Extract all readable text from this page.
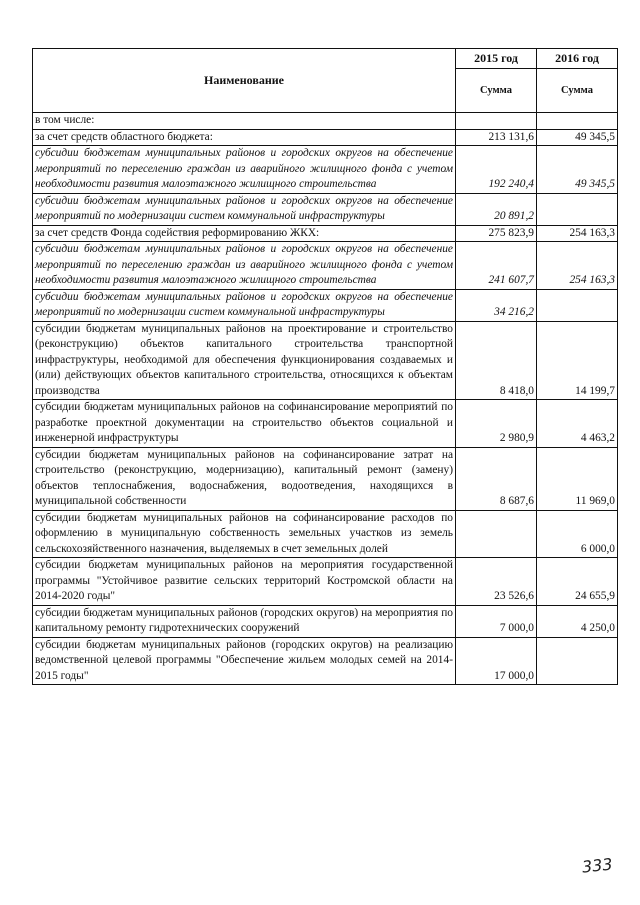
Наименование	2015 год	2016 год
	Сумма	Сумма
в том числе:		
за счет средств областного бюджета:	213 131,6	49 345,5
субсидии бюджетам муниципальных районов и городских округов на обеспечение мероприятий по переселению граждан из аварийного жилищного фонда с учетом необходимости развития малоэтажного жилищного строительства	192 240,4	49 345,5
субсидии бюджетам муниципальных районов и городских округов на обеспечение мероприятий по модернизации систем коммунальной инфраструктуры	20 891,2	
за счет средств Фонда содействия реформированию ЖКХ:	275 823,9	254 163,3
субсидии бюджетам муниципальных районов и городских округов на обеспечение мероприятий по переселению граждан из аварийного жилищного фонда с учетом необходимости развития малоэтажного жилищного строительства	241 607,7	254 163,3
субсидии бюджетам муниципальных районов и городских округов на обеспечение мероприятий по модернизации систем коммунальной инфраструктуры	34 216,2	
субсидии бюджетам муниципальных районов на проектирование и строительство (реконструкцию) объектов капитального строительства транспортной инфраструктуры, необходимой для обеспечения функционирования создаваемых и (или) действующих объектов капитального строительства, относящихся к объектам производства	8 418,0	14 199,7
субсидии бюджетам муниципальных районов на софинансирование мероприятий по разработке проектной документации на строительство объектов социальной и инженерной инфраструктуры	2 980,9	4 463,2
субсидии бюджетам муниципальных районов на софинансирование затрат на строительство (реконструкцию, модернизацию), капитальный ремонт (замену) объектов теплоснабжения, водоснабжения, водоотведения, находящихся в муниципальной собственности	8 687,6	11 969,0
субсидии бюджетам муниципальных районов на софинансирование расходов по оформлению в муниципальную собственность земельных участков из земель сельскохозяйственного назначения, выделяемых в счет земельных долей		6 000,0
субсидии бюджетам муниципальных районов на мероприятия государственной программы "Устойчивое развитие сельских территорий Костромской области на 2014-2020 годы"	23 526,6	24 655,9
субсидии бюджетам муниципальных районов (городских округов) на мероприятия по капитальному ремонту гидротехнических сооружений	7 000,0	4 250,0
субсидии бюджетам муниципальных районов (городских округов) на реализацию ведомственной целевой программы "Обеспечение жильем молодых семей на 2014-2015 годы"	17 000,0	
333
